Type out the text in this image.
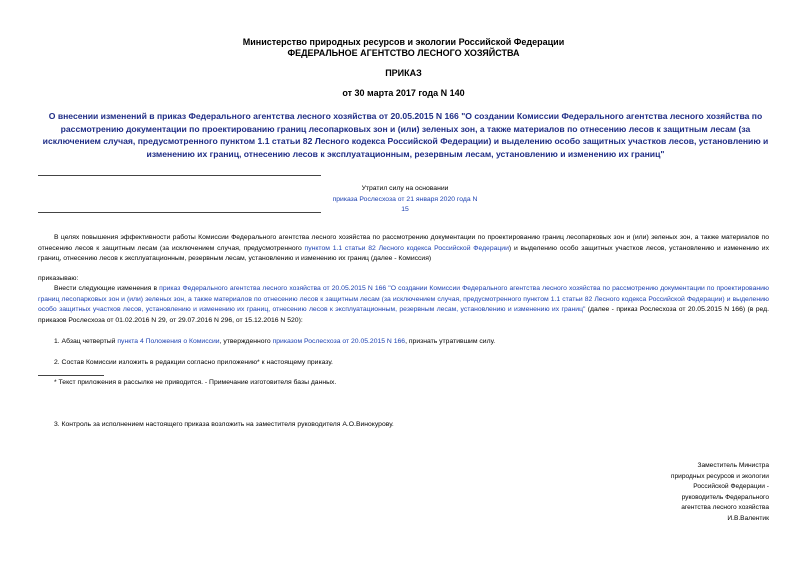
Министерство природных ресурсов и экологии Российской Федерации
ФЕДЕРАЛЬНОЕ АГЕНТСТВО ЛЕСНОГО ХОЗЯЙСТВА
ПРИКАЗ
от 30 марта 2017 года N 140
О внесении изменений в приказ Федерального агентства лесного хозяйства от 20.05.2015 N 166 "О создании Комиссии Федерального агентства лесного хозяйства по рассмотрению документации по проектированию границ лесопарковых зон и (или) зеленых зон, а также материалов по отнесению лесов к защитным лесам (за исключением случая, предусмотренного пунктом 1.1 статьи 82 Лесного кодекса Российской Федерации) и выделению особо защитных участков лесов, установлению и изменению их границ, отнесению лесов к эксплуатационным, резервным лесам, установлению и изменению их границ"
Утратил силу на основании
приказа Рослесхоза от 21 января 2020 года N 15
В целях повышения эффективности работы Комиссии Федерального агентства лесного хозяйства по рассмотрению документации по проектированию границ лесопарковых зон и (или) зеленых зон, а также материалов по отнесению лесов к защитным лесам (за исключением случая, предусмотренного пунктом 1.1 статьи 82 Лесного кодекса Российской Федерации) и выделению особо защитных участков лесов, установлению и изменению их границ, отнесению лесов к эксплуатационным, резервным лесам, установлению и изменению их границ (далее - Комиссия)
приказываю:
Внести следующие изменения в приказ Федерального агентства лесного хозяйства от 20.05.2015 N 166 "О создании Комиссии Федерального агентства лесного хозяйства по рассмотрению документации по проектированию границ лесопарковых зон и (или) зеленых зон, а также материалов по отнесению лесов к защитным лесам (за исключением случая, предусмотренного пунктом 1.1 статьи 82 Лесного кодекса Российской Федерации) и выделению особо защитных участков лесов, установлению и изменению их границ, отнесению лесов к эксплуатационным, резервным лесам, установлению и изменению их границ" (далее - приказ Рослесхоза от 20.05.2015 N 166) (в ред. приказов Рослесхоза от 01.02.2016 N 29, от 29.07.2016 N 296, от 15.12.2016 N 520):
1. Абзац четвертый пункта 4 Положения о Комиссии, утвержденного приказом Рослесхоза от 20.05.2015 N 166, признать утратившим силу.
2. Состав Комиссии изложить в редакции согласно приложению* к настоящему приказу.
* Текст приложения в рассылке не приводится. - Примечание изготовителя базы данных.
3. Контроль за исполнением настоящего приказа возложить на заместителя руководителя А.О.Винокурову.
Заместитель Министра
природных ресурсов и экологии
Российской Федерации -
руководитель Федерального
агентства лесного хозяйства
И.В.Валентик
